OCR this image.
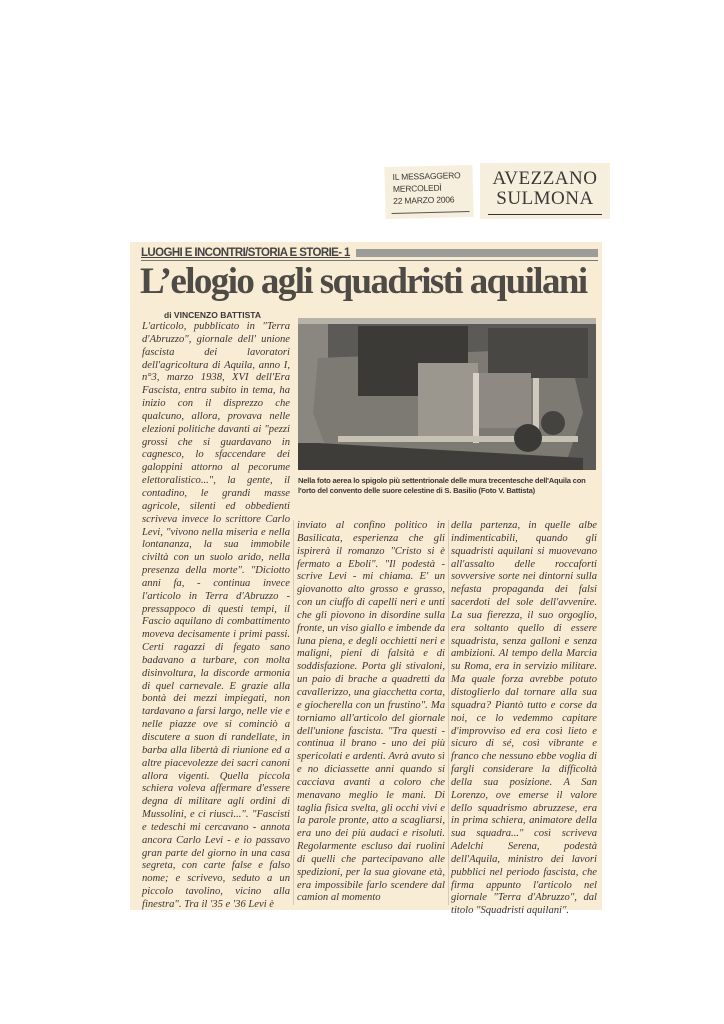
IL MESSAGGERO
MERCOLEDÌ
22 MARZO 2006
AVEZZANO
SULMONA
LUOGHI E INCONTRI/STORIA E STORIE- 1
L’elogio agli squadristi aquilani
di VINCENZO BATTISTA
L'articolo, pubblicato in "Terra d'Abruzzo", giornale dell' unione fascista dei lavoratori dell'agricoltura di Aquila, anno I, n°3, marzo 1938, XVI dell'Era Fascista, entra subito in tema, ha inizio con il disprezzo che qualcuno, allora, provava nelle elezioni politiche davanti ai "pezzi grossi che si guardavano in cagnesco, lo sfaccendare dei galoppini attorno al pecorume elettoralistico...", la gente, il contadino, le grandi masse agricole, silenti ed obbedienti scriveva invece lo scrittore Carlo Levi, "vivono nella miseria e nella lontananza, la sua immobile civiltà con un suolo arido, nella presenza della morte". "Diciotto anni fa, - continua invece l'articolo in Terra d'Abruzzo - pressappoco di questi tempi, il Fascio aquilano di combattimento moveva decisamente i primi passi. Certi ragazzi di fegato sano badavano a turbare, con molta disinvoltura, la discorde armonia di quel carnevale. E grazie alla bontà dei mezzi impiegati, non tardavano a farsi largo, nelle vie e nelle piazze ove si cominciò a discutere a suon di randellate, in barba alla libertà di riunione ed a altre piacevolezze dei sacri canoni allora vigenti. Quella piccola schiera voleva affermare d'essere degna di militare agli ordini di Mussolini, e ci riuscì...". "Fascisti e tedeschi mi cercavano - annota ancora Carlo Levi - e io passavo gran parte del giorno in una casa segreta, con carte false e falso nome; e scrivevo, seduto a un piccolo tavolino, vicino alla finestra". Tra il '35 e '36 Levi è
Nella foto aerea lo spigolo più settentrionale delle mura trecentesche dell'Aquila con l'orto del convento delle suore celestine di S. Basilio (Foto V. Battista)
inviato al confino politico in Basilicata, esperienza che gli ispirerà il romanzo "Cristo si è fermato a Eboli". "Il podestà - scrive Levi - mi chiama. E' un giovanotto alto grosso e grasso, con un ciuffo di capelli neri e unti che gli piovono in disordine sulla fronte, un viso giallo e imbende da luna piena, e degli occhietti neri e maligni, pieni di falsità e di soddisfazione. Porta gli stivaloni, un paio di brache a quadretti da cavallerizzo, una giacchetta corta, e giocherella con un frustino". Ma torniamo all'articolo del giornale dell'unione fascista. "Tra questi - continua il brano - uno dei più spericolati e ardenti. Avrà avuto sì e no diciassette anni quando si cacciava avanti a coloro che menavano meglio le mani. Di taglia fisica svelta, gli occhi vivi e la parole pronte, atto a scagliarsi, era uno dei più audaci e risoluti. Regolarmente escluso dai ruolini di quelli che partecipavano alle spedizioni, per la sua giovane età, era impossibile farlo scendere dal camion al momento
della partenza, in quelle albe indimenticabili, quando gli squadristi aquilani si muovevano all'assalto delle roccaforti sovversive sorte nei dintorni sulla nefasta propaganda dei falsi sacerdoti del sole dell'avvenire. La sua fierezza, il suo orgoglio, era soltanto quello di essere squadrista, senza galloni e senza ambizioni. Al tempo della Marcia su Roma, era in servizio militare. Ma quale forza avrebbe potuto distoglierlo dal tornare alla sua squadra? Piantò tutto e corse da noi, ce lo vedemmo capitare d'improvviso ed era così lieto e sicuro di sé, così vibrante e franco che nessuno ebbe voglia di fargli considerare la difficoltà della sua posizione. A San Lorenzo, ove emerse il valore dello squadrismo abruzzese, era in prima schiera, animatore della sua squadra..." così scriveva Adelchi Serena, podestà dell'Aquila, ministro dei lavori pubblici nel periodo fascista, che firma appunto l'articolo nel giornale "Terra d'Abruzzo", dal titolo "Squadristi aquilani".
